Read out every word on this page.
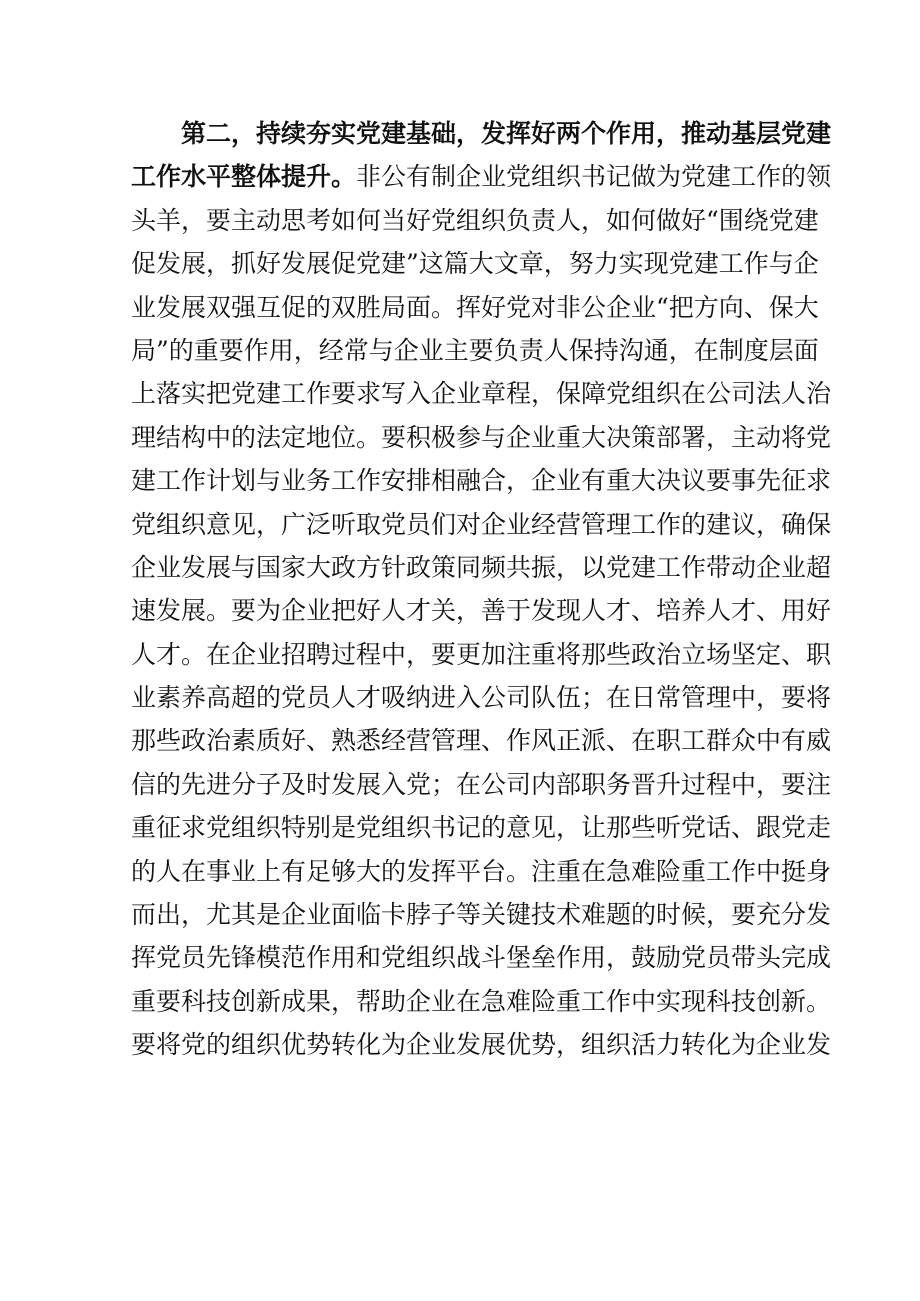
第二，持续夯实党建基础，发挥好两个作用，推动基层党建
工作水平整体提升。非公有制企业党组织书记做为党建工作的领
头羊，要主动思考如何当好党组织负责人，如何做好“围绕党建
促发展，抓好发展促党建”这篇大文章，努力实现党建工作与企
业发展双强互促的双胜局面。挥好党对非公企业“把方向、保大
局”的重要作用，经常与企业主要负责人保持沟通，在制度层面
上落实把党建工作要求写入企业章程，保障党组织在公司法人治
理结构中的法定地位。要积极参与企业重大决策部署，主动将党
建工作计划与业务工作安排相融合，企业有重大决议要事先征求
党组织意见，广泛听取党员们对企业经营管理工作的建议，确保
企业发展与国家大政方针政策同频共振，以党建工作带动企业超
速发展。要为企业把好人才关，善于发现人才、培养人才、用好
人才。在企业招聘过程中，要更加注重将那些政治立场坚定、职
业素养高超的党员人才吸纳进入公司队伍；在日常管理中，要将
那些政治素质好、熟悉经营管理、作风正派、在职工群众中有威
信的先进分子及时发展入党；在公司内部职务晋升过程中，要注
重征求党组织特别是党组织书记的意见，让那些听党话、跟党走
的人在事业上有足够大的发挥平台。注重在急难险重工作中挺身
而出，尤其是企业面临卡脖子等关键技术难题的时候，要充分发
挥党员先锋模范作用和党组织战斗堡垒作用，鼓励党员带头完成
重要科技创新成果，帮助企业在急难险重工作中实现科技创新。
要将党的组织优势转化为企业发展优势，组织活力转化为企业发
